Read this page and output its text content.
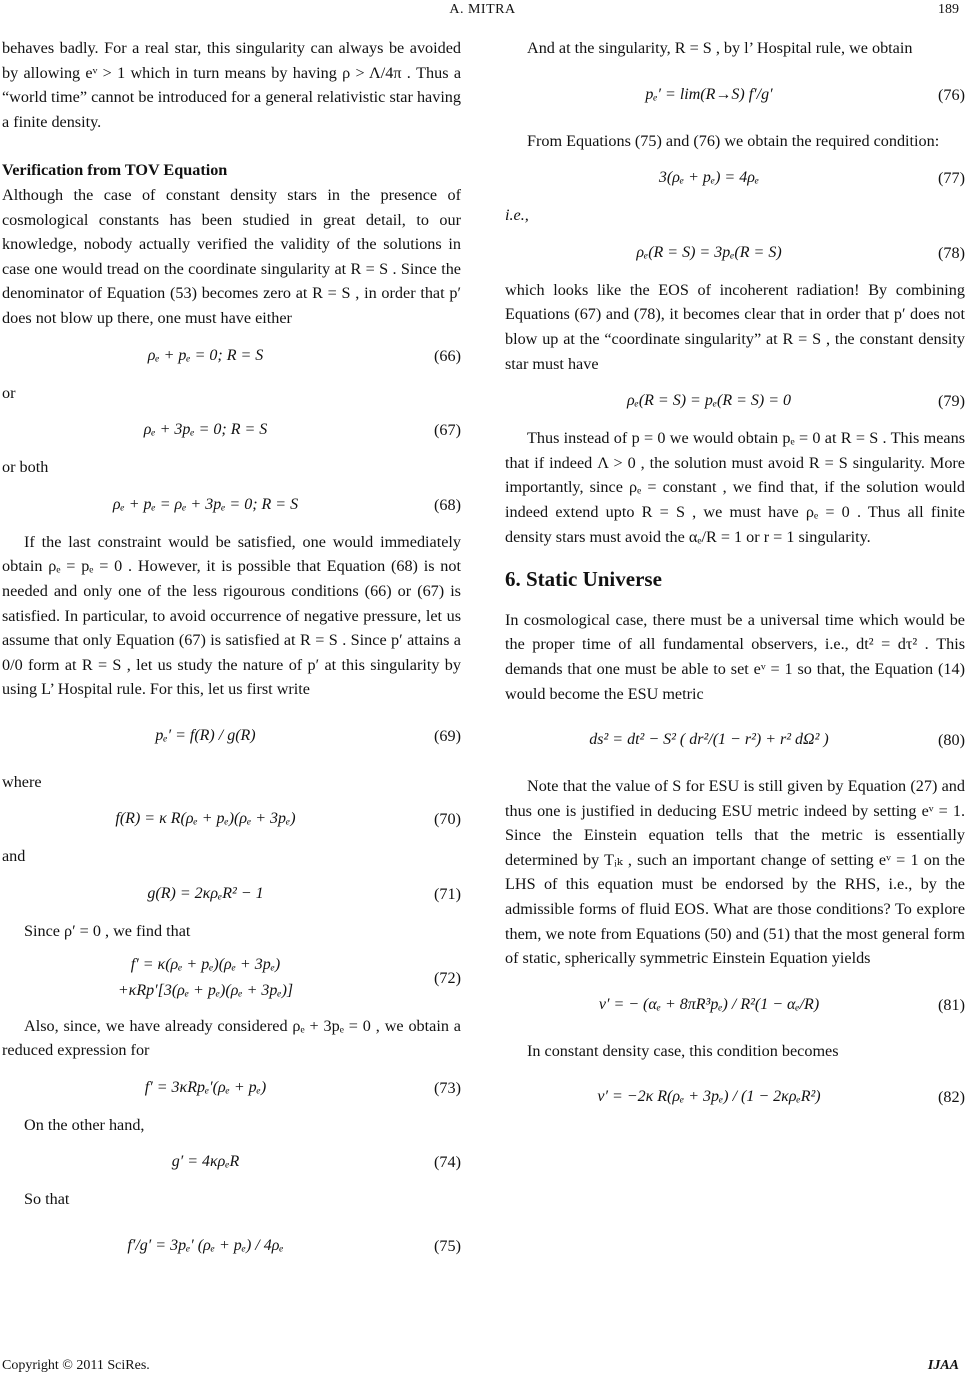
A. MITRA	189

behaves badly. For a real star, this singularity can always be avoided by allowing eᵛ > 1 which in turn means by having ρ > Λ/4π . Thus a “world time” cannot be introduced for a general relativistic star having a finite density.

Verification from TOV Equation

Although the case of constant density stars in the presence of cosmological constants has been studied in great detail, to our knowledge, nobody actually verified the validity of the solutions in case one would tread on the coordinate singularity at R = S . Since the denominator of Equation (53) becomes zero at R = S , in order that p′ does not blow up there, one must have either

ρₑ + pₑ = 0; R = S	(66)

or

ρₑ + 3pₑ = 0; R = S	(67)

or both

ρₑ + pₑ = ρₑ + 3pₑ = 0; R = S	(68)

If the last constraint would be satisfied, one would immediately obtain ρₑ = pₑ = 0 . However, it is possible that Equation (68) is not needed and only one of the less rigourous conditions (66) or (67) is satisfied. In particular, to avoid occurrence of negative pressure, let us assume that only Equation (67) is satisfied at R = S . Since p′ attains a 0/0 form at R = S , let us study the nature of p′ at this singularity by using L’ Hospital rule. For this, let us first write

pₑ′ = f(R) / g(R)	(69)

where

f(R) = κ R(ρₑ + pₑ)(ρₑ + 3pₑ)	(70)

and

g(R) = 2κρₑR² − 1	(71)

Since ρ′ = 0 , we find that

f′ = κ(ρₑ + pₑ)(ρₑ + 3pₑ)
+κRp′[3(ρₑ + pₑ)(ρₑ + 3pₑ)]
(72)

Also, since, we have already considered ρₑ + 3pₑ = 0 , we obtain a reduced expression for

f′ = 3κRpₑ′(ρₑ + pₑ)	(73)

On the other hand,

g′ = 4κρₑR	(74)

So that

f′/g′ = 3pₑ′ (ρₑ + pₑ) / 4ρₑ	(75)

And at the singularity, R = S , by l’ Hospital rule, we obtain

pₑ′ = lim(R→S) f′/g′	(76)

From Equations (75) and (76) we obtain the required condition:

3(ρₑ + pₑ) = 4ρₑ	(77)

i.e.,

ρₑ(R = S) = 3pₑ(R = S)	(78)

which looks like the EOS of incoherent radiation! By combining Equations (67) and (78), it becomes clear that in order that p′ does not blow up at the “coordinate singularity” at R = S , the constant density star must have

ρₑ(R = S) = pₑ(R = S) = 0	(79)

Thus instead of p = 0 we would obtain pₑ = 0 at R = S . This means that if indeed Λ > 0 , the solution must avoid R = S singularity. More importantly, since ρₑ = constant , we find that, if the solution would indeed extend upto R = S , we must have ρₑ = 0 . Thus all finite density stars must avoid the αₑ/R = 1 or r = 1 singularity.

6. Static Universe

In cosmological case, there must be a universal time which would be the proper time of all fundamental observers, i.e., dt² = dτ² . This demands that one must be able to set eᵛ = 1 so that, the Equation (14) would become the ESU metric

ds² = dt² − S² ( dr²/(1 − r²) + r² dΩ² )	(80)

Note that the value of S for ESU is still given by Equation (27) and thus one is justified in deducing ESU metric indeed by setting eᵛ = 1. Since the Einstein equation tells that the metric is essentially determined by Tᵢₖ , such an important change of setting eᵛ = 1 on the LHS of this equation must be endorsed by the RHS, i.e., by the admissible forms of fluid EOS. What are those conditions? To explore them, we note from Equations (50) and (51) that the most general form of static, spherically symmetric Einstein Equation yields

ν′ = − (αₑ + 8πR³pₑ) / R²(1 − αₑ/R)	(81)

In constant density case, this condition becomes

ν′ = −2κ R(ρₑ + 3pₑ) / (1 − 2κρₑR²)	(82)
Copyright © 2011 SciRes.	IJAA
